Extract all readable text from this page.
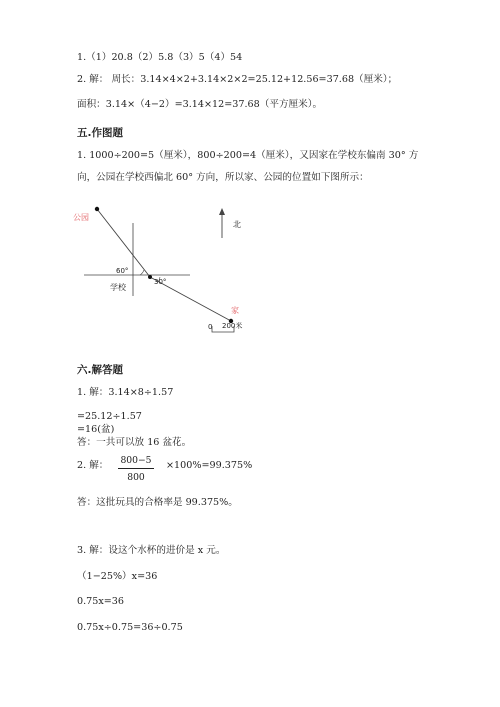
1.（1）20.8（2）5.8（3）5（4）54
2. 解： 周长：3.14×4×2+3.14×2×2=25.12+12.56=37.68（厘米）；
面积：3.14×（4−2）=3.14×12=37.68（平方厘米）。
五.作图题
1. 1000÷200=5（厘米），800÷200=4（厘米），又因家在学校东偏南 30° 方
向，公园在学校西偏北 60° 方向，所以家、公园的位置如下图所示：
公园
北
60°
30°
学校
家
0 200米
六.解答题
1. 解：3.14×8÷1.57
=25.12÷1.57
=16(盆)
答：一共可以放 16 盆花。
2. 解： $\frac{800-5}{800} \times 100\%=99.375\%$
答：这批玩具的合格率是 99.375%。
3. 解：设这个水杯的进价是 x 元。
（1−25%）x=36
0.75x=36
0.75x÷0.75=36÷0.75
